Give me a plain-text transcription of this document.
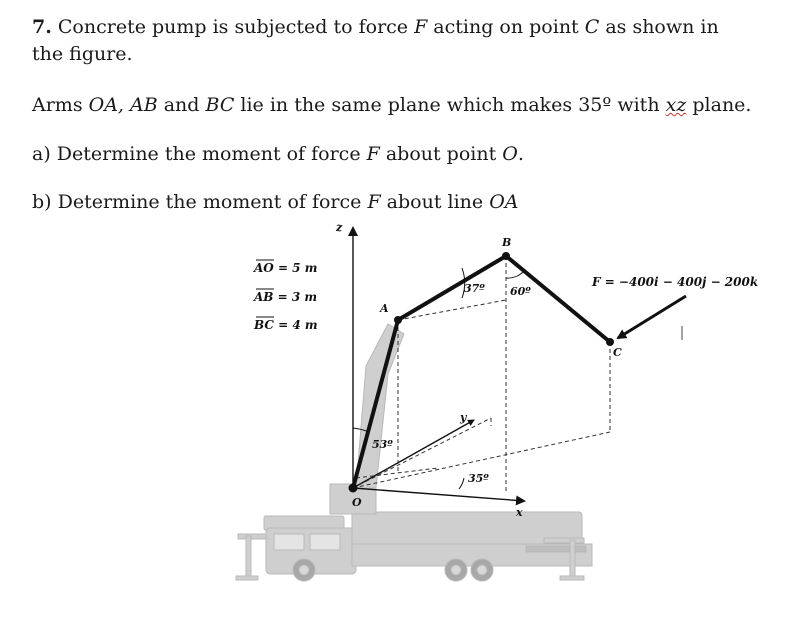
7. Concrete pump is subjected to force F acting on point C as shown in the figure.

Arms OA, AB and BC lie in the same plane which makes 35º with xz plane.

a) Determine the moment of force F about point O.

b) Determine the moment of force F about line OA

AO = 5 m
AB = 3 m
BC = 4 m
z
x
y
O
A
B
C
53º
37º 60º
35º
F = −400i − 400j − 200k
